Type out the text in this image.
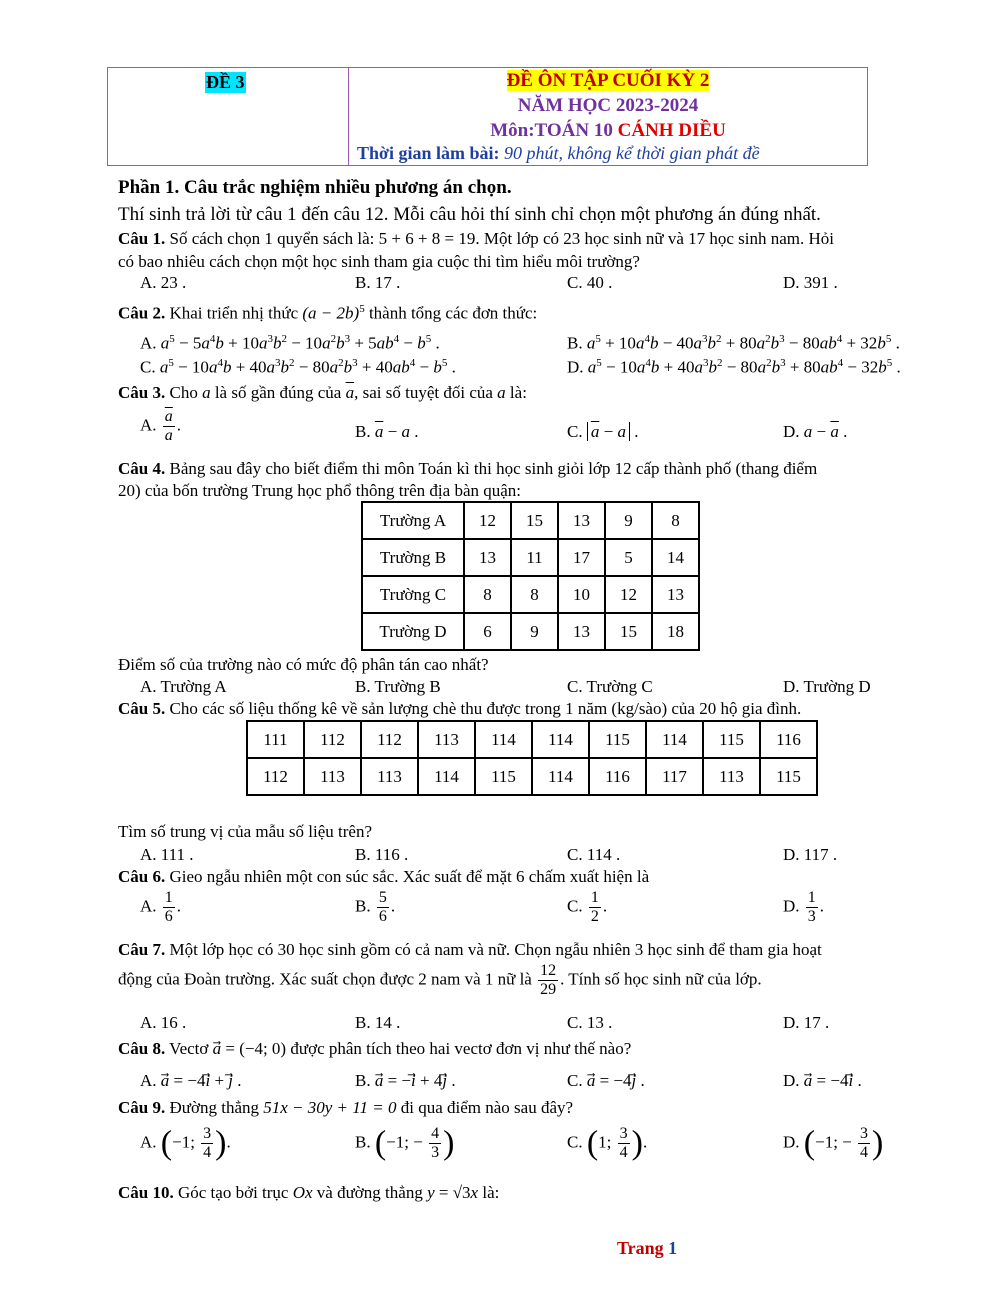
ĐỀ 3	ĐỀ ÔN TẬP CUỐI KỲ 2
NĂM HỌC 2023-2024
Môn:TOÁN 10 CÁNH DIỀU
Thời gian làm bài: 90 phút, không kể thời gian phát đề
Phần 1. Câu trắc nghiệm nhiều phương án chọn.
Thí sinh trả lời từ câu 1 đến câu 12. Mỗi câu hỏi thí sinh chỉ chọn một phương án đúng nhất.
Câu 1. Số cách chọn 1 quyển sách là: 5 + 6 + 8 = 19. Một lớp có 23 học sinh nữ và 17 học sinh nam. Hỏi
có bao nhiêu cách chọn một học sinh tham gia cuộc thi tìm hiểu môi trường?
A. 23 .	B. 17 .	C. 40 .	D. 391 .
Câu 2. Khai triển nhị thức $(a - 2b)^5$ thành tổng các đơn thức:
A. $a^5 - 5a^4b + 10a^3b^2 - 10a^2b^3 + 5ab^4 - b^5$ .	B. $a^5 + 10a^4b - 40a^3b^2 + 80a^2b^3 - 80ab^4 + 32b^5$ .
C. $a^5 - 10a^4b + 40a^3b^2 - 80a^2b^3 + 40ab^4 - b^5$ .	D. $a^5 - 10a^4b + 40a^3b^2 - 80a^2b^3 + 80ab^4 - 32b^5$ .
Câu 3. Cho a là số gần đúng của $\overline{a}$, sai số tuyệt đối của a là:
A. $\frac{\overline{a}}{a}$ .	B. $\overline{a} - a$ .	C. $\overline{a} - a$ .	D. $a - \overline{a}$ .
Câu 4. Bảng sau đây cho biết điểm thi môn Toán kì thi học sinh giỏi lớp 12 cấp thành phố (thang điểm
20) của bốn trường Trung học phổ thông trên địa bàn quận:
Trường A	12	15	13	9	8
Trường B	13	11	17	5	14
Trường C	8	8	10	12	13
Trường D	6	9	13	15	18
Điểm số của trường nào có mức độ phân tán cao nhất?
A. Trường A	B. Trường B	C. Trường C	D. Trường D
Câu 5. Cho các số liệu thống kê về sản lượng chè thu được trong 1 năm (kg/sào) của 20 hộ gia đình.
111	112	112	113	114	114	115	114	115	116
112	113	113	114	115	114	116	117	113	115
Tìm số trung vị của mẫu số liệu trên?
A. 111 .	B. 116 .	C. 114 .	D. 117 .
Câu 6. Gieo ngẫu nhiên một con súc sắc. Xác suất để mặt 6 chấm xuất hiện là
A. $\frac{1}{6}$ .	B. $\frac{5}{6}$ .	C. $\frac{1}{2}$ .	D. $\frac{1}{3}$ .
Câu 7. Một lớp học có 30 học sinh gồm có cả nam và nữ. Chọn ngẫu nhiên 3 học sinh để tham gia hoạt
động của Đoàn trường. Xác suất chọn được 2 nam và 1 nữ là $\frac{12}{29}$ . Tính số học sinh nữ của lớp.
A. 16 .	B. 14 .	C. 13 .	D. 17 .
Câu 8. Vectơ a⃗ = (−4; 0) được phân tích theo hai vectơ đơn vị như thế nào?
A. a⃗ = −4i⃗ + j⃗ .	B. a⃗ = −i⃗ + 4j⃗ .	C. a⃗ = −4j⃗ .	D. a⃗ = −4i⃗ .
Câu 9. Đường thẳng 51x − 30y + 11 = 0 đi qua điểm nào sau đây?
A. (−1; $\frac{3}{4}$ ).	B. (−1; − $\frac{4}{3}$ )	C. (1; $\frac{3}{4}$ ).	D. (−1; − $\frac{3}{4}$ )
Câu 10. Góc tạo bởi trục Ox và đường thẳng y = √3x là:
Trang 1
